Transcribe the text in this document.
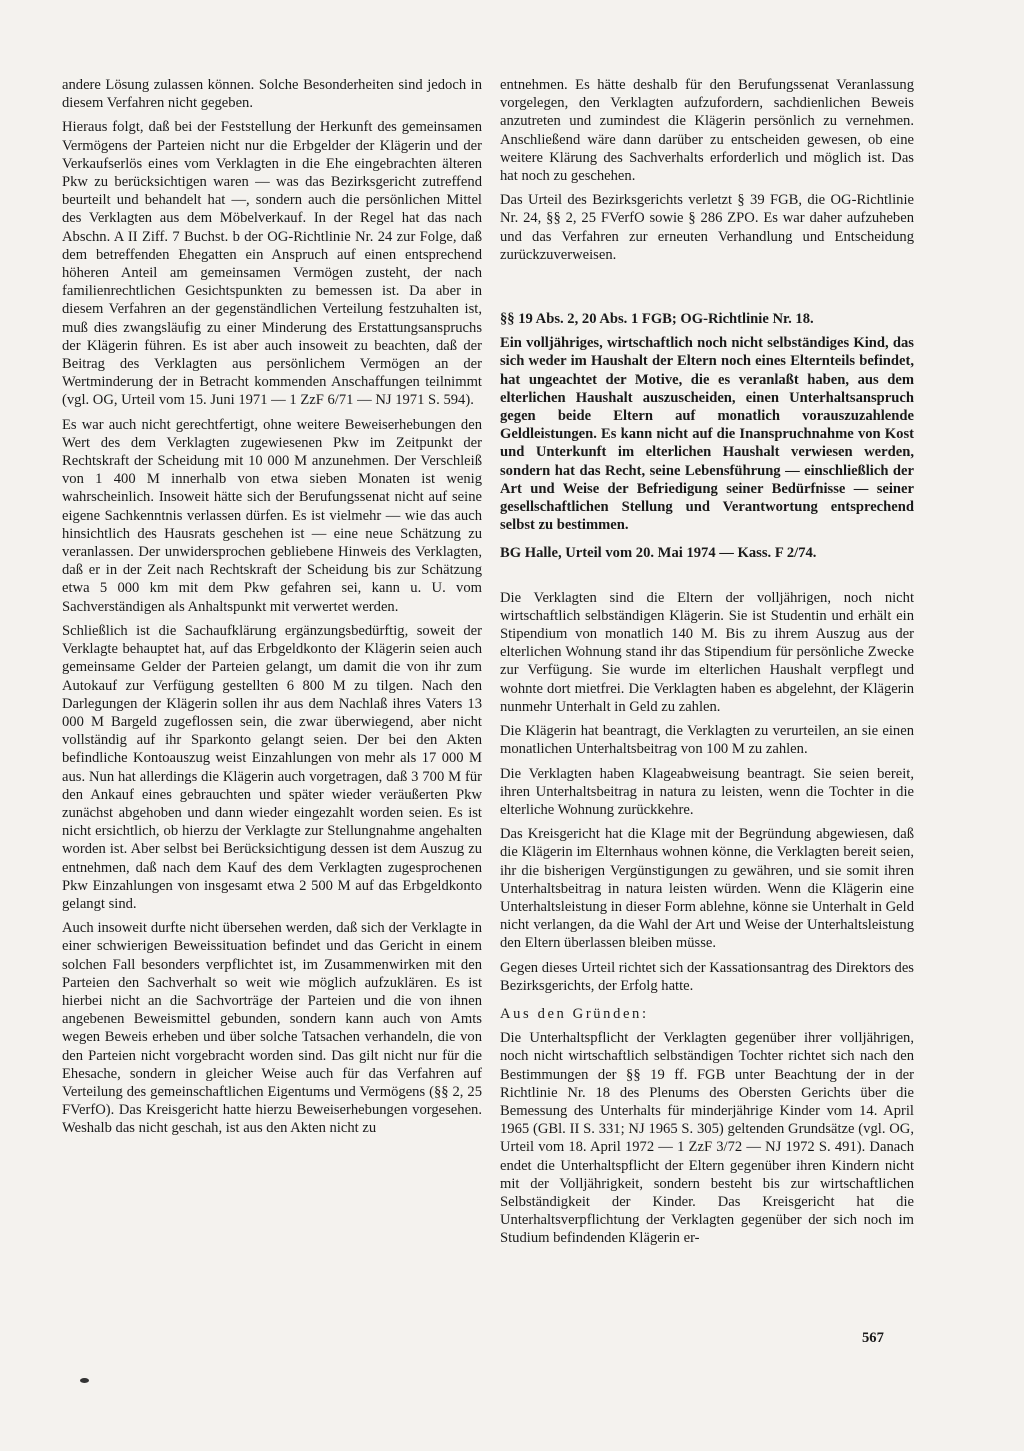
andere Lösung zulassen können. Solche Besonderheiten sind jedoch in diesem Verfahren nicht gegeben.

Hieraus folgt, daß bei der Feststellung der Herkunft des gemeinsamen Vermögens der Parteien nicht nur die Erbgelder der Klägerin und der Verkaufserlös eines vom Verklagten in die Ehe eingebrachten älteren Pkw zu berücksichtigen waren — was das Bezirksgericht zutreffend beurteilt und behandelt hat —, sondern auch die persönlichen Mittel des Verklagten aus dem Möbelverkauf. In der Regel hat das nach Abschn. A II Ziff. 7 Buchst. b der OG-Richtlinie Nr. 24 zur Folge, daß dem betreffenden Ehegatten ein Anspruch auf einen entsprechend höheren Anteil am gemeinsamen Vermögen zusteht, der nach familienrechtlichen Gesichtspunkten zu bemessen ist. Da aber in diesem Verfahren an der gegenständlichen Verteilung festzuhalten ist, muß dies zwangsläufig zu einer Minderung des Erstattungsanspruchs der Klägerin führen. Es ist aber auch insoweit zu beachten, daß der Beitrag des Verklagten aus persönlichem Vermögen an der Wertminderung der in Betracht kommenden Anschaffungen teilnimmt (vgl. OG, Urteil vom 15. Juni 1971 — 1 ZzF 6/71 — NJ 1971 S. 594).

Es war auch nicht gerechtfertigt, ohne weitere Beweiserhebungen den Wert des dem Verklagten zugewiesenen Pkw im Zeitpunkt der Rechtskraft der Scheidung mit 10 000 M anzunehmen. Der Verschleiß von 1 400 M innerhalb von etwa sieben Monaten ist wenig wahrscheinlich. Insoweit hätte sich der Berufungssenat nicht auf seine eigene Sachkenntnis verlassen dürfen. Es ist vielmehr — wie das auch hinsichtlich des Hausrats geschehen ist — eine neue Schätzung zu veranlassen. Der unwidersprochen gebliebene Hinweis des Verklagten, daß er in der Zeit nach Rechtskraft der Scheidung bis zur Schätzung etwa 5 000 km mit dem Pkw gefahren sei, kann u. U. vom Sachverständigen als Anhaltspunkt mit verwertet werden.

Schließlich ist die Sachaufklärung ergänzungsbedürftig, soweit der Verklagte behauptet hat, auf das Erbgeldkonto der Klägerin seien auch gemeinsame Gelder der Parteien gelangt, um damit die von ihr zum Autokauf zur Verfügung gestellten 6 800 M zu tilgen. Nach den Darlegungen der Klägerin sollen ihr aus dem Nachlaß ihres Vaters 13 000 M Bargeld zugeflossen sein, die zwar überwiegend, aber nicht vollständig auf ihr Sparkonto gelangt seien. Der bei den Akten befindliche Kontoauszug weist Einzahlungen von mehr als 17 000 M aus. Nun hat allerdings die Klägerin auch vorgetragen, daß 3 700 M für den Ankauf eines gebrauchten und später wieder veräußerten Pkw zunächst abgehoben und dann wieder eingezahlt worden seien. Es ist nicht ersichtlich, ob hierzu der Verklagte zur Stellungnahme angehalten worden ist. Aber selbst bei Berücksichtigung dessen ist dem Auszug zu entnehmen, daß nach dem Kauf des dem Verklagten zugesprochenen Pkw Einzahlungen von insgesamt etwa 2 500 M auf das Erbgeldkonto gelangt sind.

Auch insoweit durfte nicht übersehen werden, daß sich der Verklagte in einer schwierigen Beweissituation befindet und das Gericht in einem solchen Fall besonders verpflichtet ist, im Zusammenwirken mit den Parteien den Sachverhalt so weit wie möglich aufzuklären. Es ist hierbei nicht an die Sachvorträge der Parteien und die von ihnen angebenen Beweismittel gebunden, sondern kann auch von Amts wegen Beweis erheben und über solche Tatsachen verhandeln, die von den Parteien nicht vorgebracht worden sind. Das gilt nicht nur für die Ehesache, sondern in gleicher Weise auch für das Verfahren auf Verteilung des gemeinschaftlichen Eigentums und Vermögens (§§ 2, 25 FVerfO). Das Kreisgericht hatte hierzu Beweiserhebungen vorgesehen. Weshalb das nicht geschah, ist aus den Akten nicht zu

entnehmen. Es hätte deshalb für den Berufungssenat Veranlassung vorgelegen, den Verklagten aufzufordern, sachdienlichen Beweis anzutreten und zumindest die Klägerin persönlich zu vernehmen. Anschließend wäre dann darüber zu entscheiden gewesen, ob eine weitere Klärung des Sachverhalts erforderlich und möglich ist. Das hat noch zu geschehen.

Das Urteil des Bezirksgerichts verletzt § 39 FGB, die OG-Richtlinie Nr. 24, §§ 2, 25 FVerfO sowie § 286 ZPO. Es war daher aufzuheben und das Verfahren zur erneuten Verhandlung und Entscheidung zurückzuverweisen.

§§ 19 Abs. 2, 20 Abs. 1 FGB; OG-Richtlinie Nr. 18.

Ein volljähriges, wirtschaftlich noch nicht selbständiges Kind, das sich weder im Haushalt der Eltern noch eines Elternteils befindet, hat ungeachtet der Motive, die es veranlaßt haben, aus dem elterlichen Haushalt auszuscheiden, einen Unterhaltsanspruch gegen beide Eltern auf monatlich vorauszuzahlende Geldleistungen. Es kann nicht auf die Inanspruchnahme von Kost und Unterkunft im elterlichen Haushalt verwiesen werden, sondern hat das Recht, seine Lebensführung — einschließlich der Art und Weise der Befriedigung seiner Bedürfnisse — seiner gesellschaftlichen Stellung und Verantwortung entsprechend selbst zu bestimmen.

BG Halle, Urteil vom 20. Mai 1974 — Kass. F 2/74.

Die Verklagten sind die Eltern der volljährigen, noch nicht wirtschaftlich selbständigen Klägerin. Sie ist Studentin und erhält ein Stipendium von monatlich 140 M. Bis zu ihrem Auszug aus der elterlichen Wohnung stand ihr das Stipendium für persönliche Zwecke zur Verfügung. Sie wurde im elterlichen Haushalt verpflegt und wohnte dort mietfrei. Die Verklagten haben es abgelehnt, der Klägerin nunmehr Unterhalt in Geld zu zahlen.

Die Klägerin hat beantragt, die Verklagten zu verurteilen, an sie einen monatlichen Unterhaltsbeitrag von 100 M zu zahlen.

Die Verklagten haben Klageabweisung beantragt. Sie seien bereit, ihren Unterhaltsbeitrag in natura zu leisten, wenn die Tochter in die elterliche Wohnung zurückkehre.

Das Kreisgericht hat die Klage mit der Begründung abgewiesen, daß die Klägerin im Elternhaus wohnen könne, die Verklagten bereit seien, ihr die bisherigen Vergünstigungen zu gewähren, und sie somit ihren Unterhaltsbeitrag in natura leisten würden. Wenn die Klägerin eine Unterhaltsleistung in dieser Form ablehne, könne sie Unterhalt in Geld nicht verlangen, da die Wahl der Art und Weise der Unterhaltsleistung den Eltern überlassen bleiben müsse.

Gegen dieses Urteil richtet sich der Kassationsantrag des Direktors des Bezirksgerichts, der Erfolg hatte.

Aus den Gründen:

Die Unterhaltspflicht der Verklagten gegenüber ihrer volljährigen, noch nicht wirtschaftlich selbständigen Tochter richtet sich nach den Bestimmungen der §§ 19 ff. FGB unter Beachtung der in der Richtlinie Nr. 18 des Plenums des Obersten Gerichts über die Bemessung des Unterhalts für minderjährige Kinder vom 14. April 1965 (GBl. II S. 331; NJ 1965 S. 305) geltenden Grundsätze (vgl. OG, Urteil vom 18. April 1972 — 1 ZzF 3/72 — NJ 1972 S. 491). Danach endet die Unterhaltspflicht der Eltern gegenüber ihren Kindern nicht mit der Volljährigkeit, sondern besteht bis zur wirtschaftlichen Selbständigkeit der Kinder. Das Kreisgericht hat die Unterhaltsverpflichtung der Verklagten gegenüber der sich noch im Studium befindenden Klägerin er-

567
